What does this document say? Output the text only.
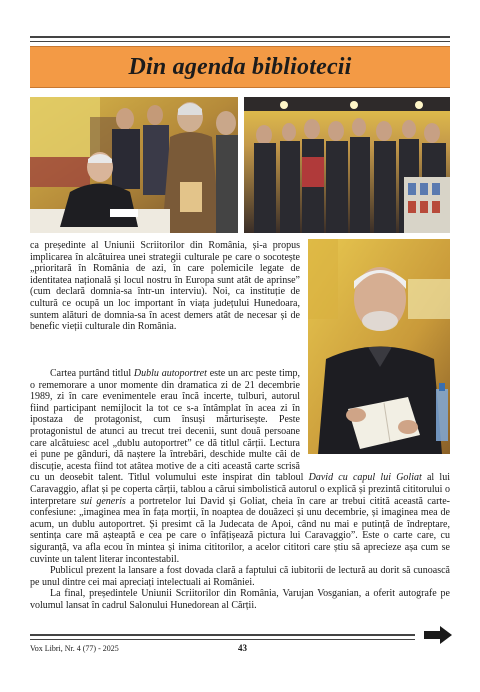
Din agenda bibliotecii

ca președinte al Uniunii Scriitorilor din România, și-a propus implicarea în alcătuirea unei strategii culturale pe care o socotește „prioritară în România de azi, în care polemicile legate de identitatea națională și locul nostru în Europa sunt atât de aprinse” (cum declară domnia-sa într-un interviu). Noi, ca instituție de cultură ce ocupă un loc important în viața județului Hunedoara, suntem alături de domnia-sa în acest demers atât de necesar și de benefic vieții culturale din România.

Cartea purtând titlul Dublu autoportret este un arc peste timp, o rememorare a unor momente din dramatica zi de 21 decembrie 1989, zi în care evenimentele erau încă incerte, tulburi, autorul fiind participant nemijlocit la tot ce s-a întâmplat în acea zi în ipostaza de protagonist, cum însuși mărturisește. Peste protagonistul de atunci au trecut trei decenii, sunt două persoane care alcătuiesc acel „dublu autoportret” ce dă titlul cărții. Lectura ei pune pe gânduri, dă naștere la întrebări, deschide multe căi de discuție, acesta fiind tot atâtea motive de a citi această carte scrisă cu un deosebit talent. Titlul volumului este inspirat din tabloul David cu capul lui Goliat al lui Caravaggio, aflat și pe coperta cărții, tablou a cărui simbolistică autorul o explică și prezintă cititorului o interpretare sui generis a portretelor lui David și Goliat, cheia în care ar trebui citită această carte-confesiune: „imaginea mea în fața morții, în noaptea de douăzeci și unu decembrie, și imaginea mea de acum, un dublu autoportret. Și presimt că la Judecata de Apoi, când nu mai e putință de îndreptare, sentința care mă așteaptă e cea pe care o înfățișează pictura lui Caravaggio”. Este o carte care, cu siguranță, va afla ecou în mintea și inima cititorilor, a acelor cititori care știu să aprecieze așa cum se cuvinte un talent literar incontestabil.

Publicul prezent la lansare a fost dovada clară a faptului că iubitorii de lectură au dorit să cunoască pe unul dintre cei mai apreciați intelectuali ai României.

La final, președintele Uniunii Scriitorilor din România, Varujan Vosganian, a oferit autografe pe volumul lansat în cadrul Salonului Hunedorean al Cărții.

Vox Libri, Nr. 4 (77) - 2025	43
